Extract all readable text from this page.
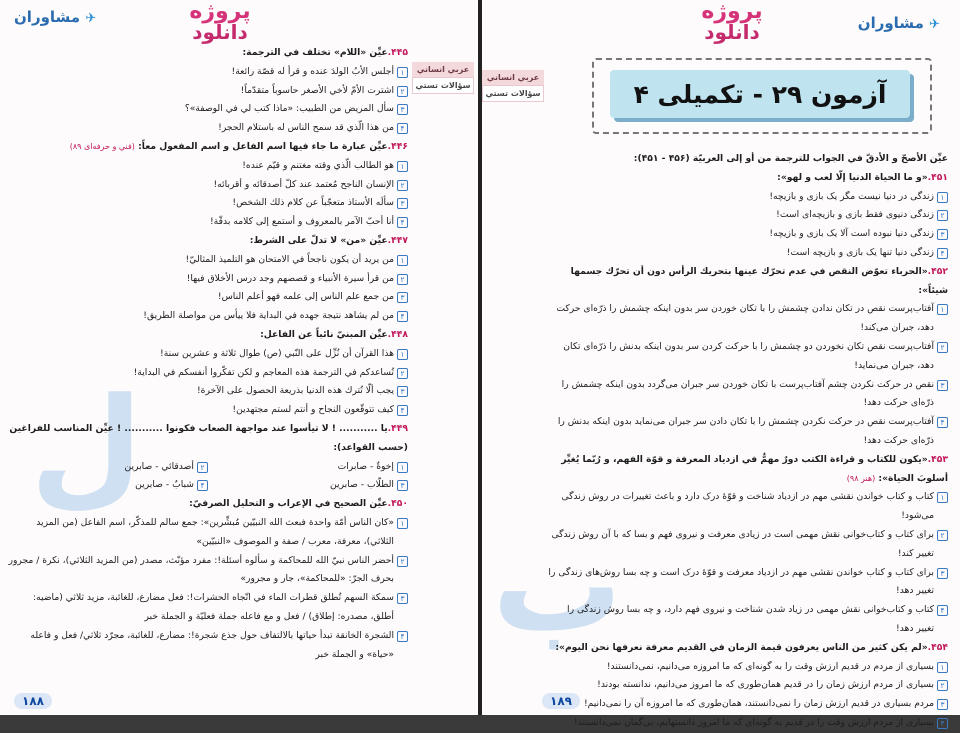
✈ مشاوران	پروژه
دانلود
عربي انساني
سؤالات تستي
ل
۴۴۵.عيِّن «اللام» تختلف في الترجمة:
۱
أجلس الأبُ الولدَ عنده و قرأ له قصّة رائعة!
۲
اشترت الأمّ لأخي الأصغر حاسوباً متقدّماً!
۳
سأل المريض من الطبيب: «ماذا كتب لي في الوصفة»؟
۴
من هذا الّذي قد سمح الناس له باستلام الحجر!
۴۴۶.عيِّن عبارة ما جاء فيها اسم الفاعل و اسم المفعول معاً: (فني و حرفه‌ای ۸۹)
۱
هو الطالب الّذي وقته مغتنم و قيّم عنده!
۲
الإنسان الناجح مُعتمد عند كلّ أصدقائه و أقربائه!
۳
سألَه الأستاذ متعجّباً عن كلام ذلك الشخص!
۴
أنا أحبّ الآمر بالمعروف و أستمع إلى كلامه بدقّة!
۴۴۷.عيِّن «من» لا تدلّ على الشرط:
۱
من يريد أن يكون ناجحاً في الامتحان هو التلميذ المثاليّ!
۲
من قرأ سيرة الأنبياء و قصصهم وجد درس الأخلاق فيها!
۳
من جمع علم الناس إلى علمه فهو أعلم الناس!
۴
من لم يشاهد نتيجة جهده في البداية فلا ييأس من مواصلة الطريق!
۴۴۸.عيِّن المبنيّ نائباً عن الفاعل:
۱
هذا القرآن أن نُزِّل على النّبي (ص) طوال ثلاثة و عشرين سنة!
۲
تُساعدكم في الترجمة هذه المعاجم و لكن تفكّروا أنفسكم في البداية!
۳
يجب ألّا تُترك هذه الدنيا بذريعة الحصول على الآخرة!
۴
كيف تتوقّعون النجاح و أنتم لستم مجتهدين!
۴۴۹.يا ........... ! لا تيأسوا عند مواجهة الصعاب فكونوا ........... ! عيِّن المناسب للفراغين (حسب القواعد):
۱
إخوةٌ - صابرات
۲
أصدقائي - صابرين
۳
الطلّاب - صابرين
۴
شبابٌ - صابرين
۴۵۰.عيِّن الصحيح في الإعراب و التحليل الصرفيّ:
۱
«كان الناس أمّة واحدة فبعث الله النبيّين مُبشِّرين»: جمع سالم للمذكّر، اسم الفاعل (من المزيد الثلاثي)، معرفة، معرب / صفة و الموصوف «النبيّين»
۲
أحضر الناس نبيّ الله للمحاكمة و سألوه أسئلة!: مفرد مؤنّث، مصدر (من المزيد الثلاثي)، نكرة / مجرور بحرف الجرّ: «للمحاكمة»، جار و مجرور»
۳
سمكة السهم تُطلق قطرات الماء في اتّجاه الحشرات!: فعل مضارع، للغائبة، مزيد ثلاثي (ماضيه: أطلق، مصدره: إطلاق) / فعل و مع فاعله جملة فعليّة و الجملة خبر
۴
الشجرة الخانقة تبدأ حياتها بالالتفاف حول جذع شجرة!: مضارع، للغائبة، مجرّد ثلاثي/ فعل و فاعله «حياة» و الجملة خبر
۱۸۸
پروژه
دانلود	✈ مشاوران
عربي انساني
سؤالات تستي	آزمون ۲۹ - تکمیلی ۴
ب
عيِّن الأصحّ و الأدقّ في الجواب للترجمة من أو إلى العربيّة (۴۵۶ - ۴۵۱):
۴۵۱.«و ما الحياة الدنيا إلّا لعب و لهو»:
۱
زندگی در دنیا نیست مگر یک بازی و بازیچه!
۲
زندگی دنیوی فقط بازی و بازیچه‌ای است!
۳
زندگی دنیا نبوده است آلا یک بازی و بازیچه!
۴
زندگی دنیا تنها یک بازی و بازیچه است!
۴۵۲.«الحرباء تعوّض النقص في عدم تحرّك عينها بتحريك الرأس دون أن تحرّك جسمها شيئاً»:
۱
آفتاب‌پرست نقص در تکان ندادن چشمش را با تکان خوردن سر بدون اینکه چشمش را ذرّه‌ای حرکت دهد، جبران می‌کند!
۲
آفتاب‌پرست نقص تکان نخوردن دو چشمش را با حرکت کردن سر بدون اینکه بدنش را ذرّه‌ای تکان دهد، جبران می‌نماید!
۳
نقص در حرکت نکردن چشم آفتاب‌پرست با تکان خوردن سر جبران می‌گردد بدون اینکه چشمش را ذرّه‌ای حرکت دهد!
۴
آفتاب‌پرست نقص در حرکت نکردن چشمش را با تکان دادن سر جبران می‌نماید بدون اینکه بدنش را ذرّه‌ای حرکت دهد!
۴۵۳.«يكون للكتاب و قراءة الكتب دورٌ مهمٌّ في ازدياد المعرفة و قوّة الفهم، و رُبّما يُغيِّر أسلوبَ الحياة»: (هنر ۹۸)
۱
کتاب و کتاب خواندن نقشی مهم در ازدیاد شناخت و قوّهٔ درک دارد و باعث تغییرات در روش زندگی می‌شود!
۲
برای کتاب و کتاب‌خوانی نقش مهمی است در زیادی معرفت و نیروی فهم و بسا که با آن روش زندگی تغییر کند!
۳
برای کتاب و کتاب خواندن نقشی مهم در ازدیاد معرفت و قوّهٔ درک است و چه بسا روش‌های زندگی را تغییر دهد!
۴
کتاب و کتاب‌خوانی نقش مهمی در زیاد شدن شناخت و نیروی فهم دارد، و چه بسا روش زندگی را تغییر دهد!
۴۵۴.«لم يكن كثير من الناس يعرفون قيمة الزمان في القديم معرفة نعرفها نحن اليوم»:
۱
بسیاری از مردم در قدیم ارزش وقت را به گونه‌ای که ما امروزه می‌دانیم، نمی‌دانستند!
۲
بسیاری از مردم ارزش زمان را در قدیم همان‌طوری که ما امروز می‌دانیم، ندانسته بودند!
۳
مردم بسیاری در قدیم ارزش زمان را نمی‌دانستند، همان‌طوری که ما امروزه آن را نمی‌دانیم!
۴
بسیاری از مردم ارزش وقت را در قدیم به گونه‌ای که ما امروز دانستهایم، بی‌گمان نمی‌دانستند!
۱۸۹
